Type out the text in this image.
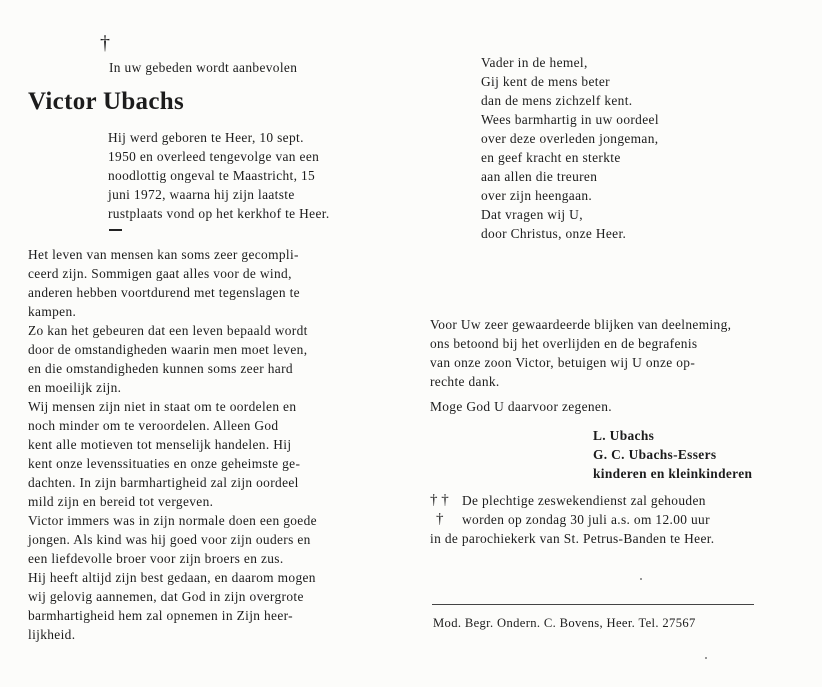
†
In uw gebeden wordt aanbevolen
Victor Ubachs
Hij werd geboren te Heer, 10 sept.
1950 en overleed tengevolge van een
noodlottig ongeval te Maastricht, 15
juni 1972, waarna hij zijn laatste
rustplaats vond op het kerkhof te Heer.
Het leven van mensen kan soms zeer gecompli-
ceerd zijn. Sommigen gaat alles voor de wind,
anderen hebben voortdurend met tegenslagen te
kampen.
Zo kan het gebeuren dat een leven bepaald wordt
door de omstandigheden waarin men moet leven,
en die omstandigheden kunnen soms zeer hard
en moeilijk zijn.
Wij mensen zijn niet in staat om te oordelen en
noch minder om te veroordelen. Alleen God
kent alle motieven tot menselijk handelen. Hij
kent onze levenssituaties en onze geheimste ge-
dachten. In zijn barmhartigheid zal zijn oordeel
mild zijn en bereid tot vergeven.
Victor immers was in zijn normale doen een goede
jongen. Als kind was hij goed voor zijn ouders en
een liefdevolle broer voor zijn broers en zus.
Hij heeft altijd zijn best gedaan, en daarom mogen
wij gelovig aannemen, dat God in zijn overgrote
barmhartigheid hem zal opnemen in Zijn heer-
lijkheid.
Vader in de hemel,
Gij kent de mens beter
dan de mens zichzelf kent.
Wees barmhartig in uw oordeel
over deze overleden jongeman,
en geef kracht en sterkte
aan allen die treuren
over zijn heengaan.
Dat vragen wij U,
door Christus, onze Heer.
Voor Uw zeer gewaardeerde blijken van deelneming,
ons betoond bij het overlijden en de begrafenis
van onze zoon Victor, betuigen wij U onze op-
rechte dank.
Moge God U daarvoor zegenen.
L. Ubachs
G. C. Ubachs-Essers
kinderen en kleinkinderen
† †
†
De plechtige zeswekendienst zal gehouden
worden op zondag 30 juli a.s. om 12.00 uur
in de parochiekerk van St. Petrus-Banden te Heer.
Mod. Begr. Ondern. C. Bovens, Heer. Tel. 27567
